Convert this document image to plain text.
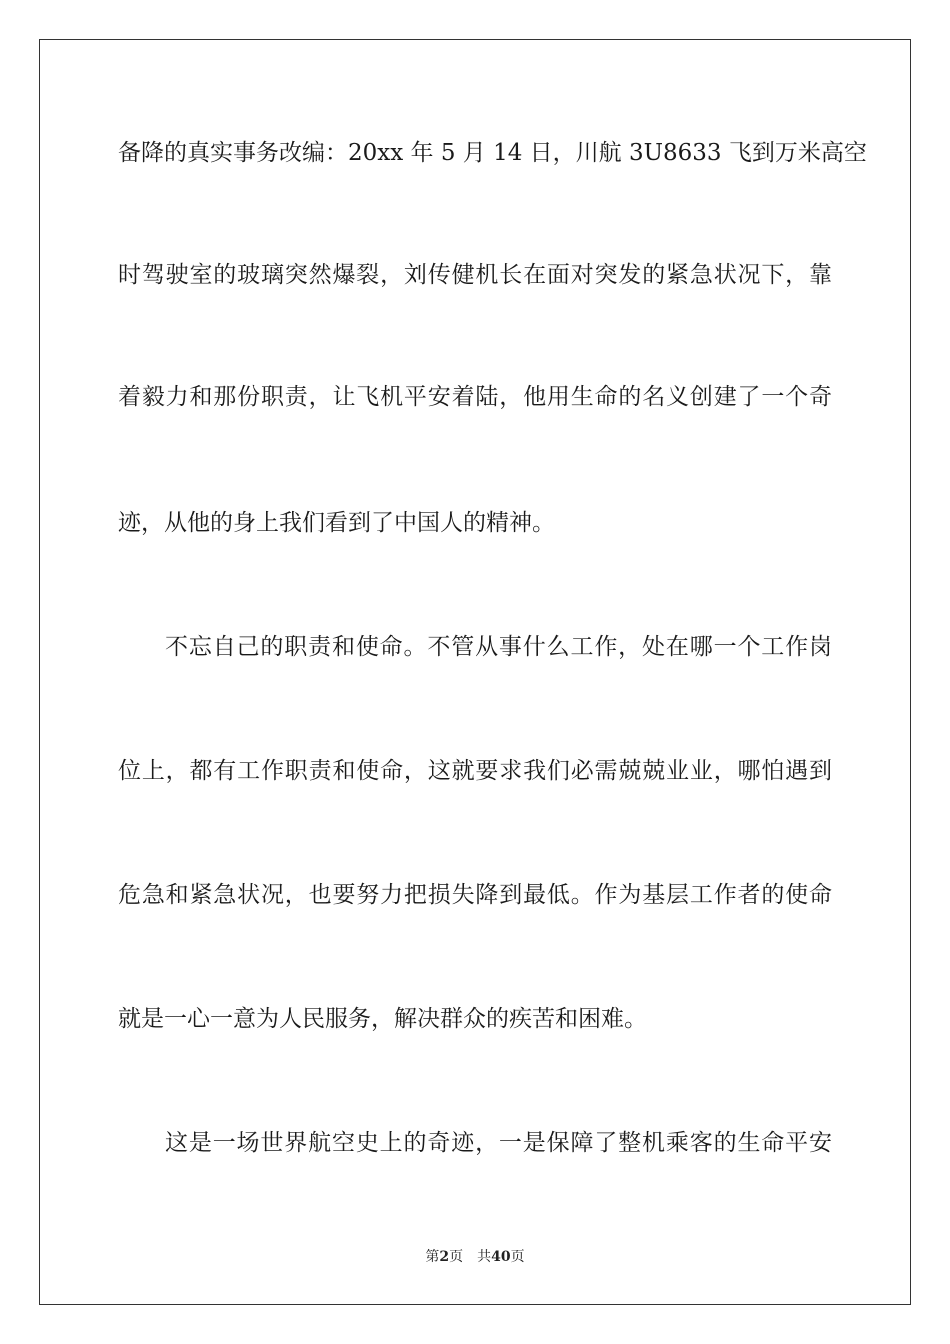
备降的真实事务改编：20xx 年 5 月 14 日，川航 3U8633 飞到万米高空
时驾驶室的玻璃突然爆裂，刘传健机长在面对突发的紧急状况下，靠
着毅力和那份职责，让飞机平安着陆，他用生命的名义创建了一个奇
迹，从他的身上我们看到了中国人的精神。
不忘自己的职责和使命。不管从事什么工作，处在哪一个工作岗
位上，都有工作职责和使命，这就要求我们必需兢兢业业，哪怕遇到
危急和紧急状况，也要努力把损失降到最低。作为基层工作者的使命
就是一心一意为人民服务，解决群众的疾苦和困难。
这是一场世界航空史上的奇迹，一是保障了整机乘客的生命平安
第2页 共40页
